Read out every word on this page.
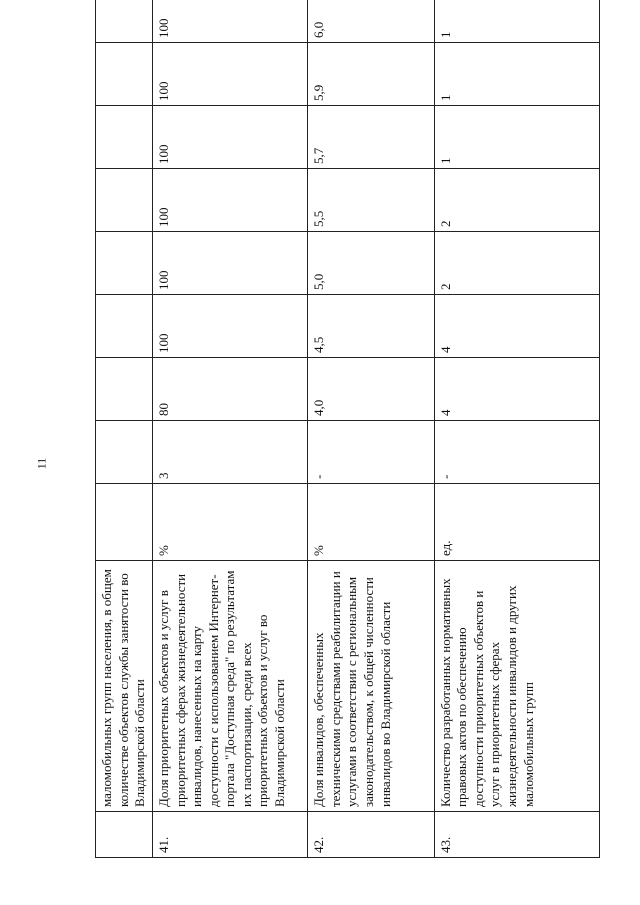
11
	маломобильных групп населения, в общем количестве объектов службы занятости во Владимирской области										
41.	Доля приоритетных объектов и услуг в приоритетных сферах жизнедеятельности инвалидов, нанесенных на карту доступности с использованием Интернет-портала "Доступная среда" по результатам их паспортизации, среди всех приоритетных объектов и услуг во Владимирской области	%	3	80	100	100	100	100	100	100	
42.	Доля инвалидов, обеспеченных техническими средствами реабилитации и услугами в соответствии с региональным законодательством, к общей численности инвалидов во Владимирской области	%	-	4,0	4,5	5,0	5,5	5,7	5,9	6,0	
43.	Количество разработанных нормативных правовых актов по обеспечению доступности приоритетных объектов и услуг в приоритетных сферах жизнедеятельности инвалидов и других маломобильных групп	ед.	-	4	4	2	2	1	1	1	
